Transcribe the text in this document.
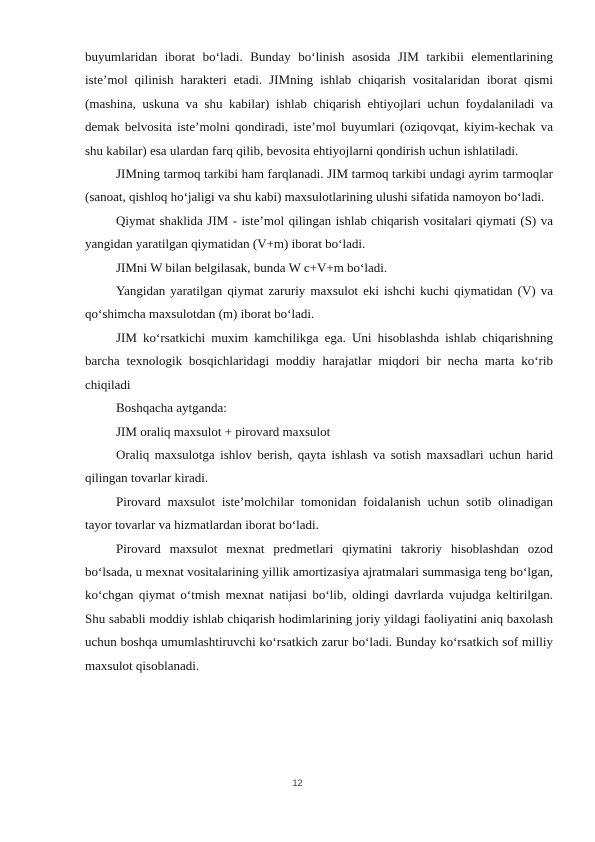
buyumlaridan iborat bo‘ladi. Bunday bo‘linish asosida JIM tarkibii elementlarining iste’mol qilinish harakteri etadi. JIMning ishlab chiqarish vositalaridan iborat qismi (mashina, uskuna va shu kabilar) ishlab chiqarish ehtiyojlari uchun foydalaniladi va demak belvosita iste’molni qondiradi, iste’mol buyumlari (oziqovqat, kiyim-kechak va shu kabilar) esa ulardan farq qilib, bevosita ehtiyojlarni qondirish uchun ishlatiladi.

JIMning tarmoq tarkibi ham farqlanadi. JIM tarmoq tarkibi undagi ayrim tarmoqlar (sanoat, qishloq ho‘jaligi va shu kabi) maxsulotlarining ulushi sifatida namoyon bo‘ladi.

Qiymat shaklida JIM - iste’mol qilingan ishlab chiqarish vositalari qiymati (S) va yangidan yaratilgan qiymatidan (V+m) iborat bo‘ladi.

JIMni W bilan belgilasak, bunda W c+V+m bo‘ladi.

Yangidan yaratilgan qiymat zaruriy maxsulot eki ishchi kuchi qiymatidan (V) va qo‘shimcha maxsulotdan (m) iborat bo‘ladi.

JIM ko‘rsatkichi muxim kamchilikga ega. Uni hisoblashda ishlab chiqarishning barcha texnologik bosqichlaridagi moddiy harajatlar miqdori bir necha marta ko‘rib chiqiladi

Boshqacha aytganda:

JIM oraliq maxsulot + pirovard maxsulot

Oraliq maxsulotga ishlov berish, qayta ishlash va sotish maxsadlari uchun harid qilingan tovarlar kiradi.

Pirovard maxsulot iste’molchilar tomonidan foidalanish uchun sotib olinadigan tayor tovarlar va hizmatlardan iborat bo‘ladi.

Pirovard maxsulot mexnat predmetlari qiymatini takroriy hisoblashdan ozod bo‘lsada, u mexnat vositalarining yillik amortizasiya ajratmalari summasiga teng bo‘lgan, ko‘chgan qiymat o‘tmish mexnat natijasi bo‘lib, oldingi davrlarda vujudga keltirilgan. Shu sababli moddiy ishlab chiqarish hodimlarining joriy yildagi faoliyatini aniq baxolash uchun boshqa umumlashtiruvchi ko‘rsatkich zarur bo‘ladi. Bunday ko‘rsatkich sof milliy maxsulot qisoblanadi.

12
